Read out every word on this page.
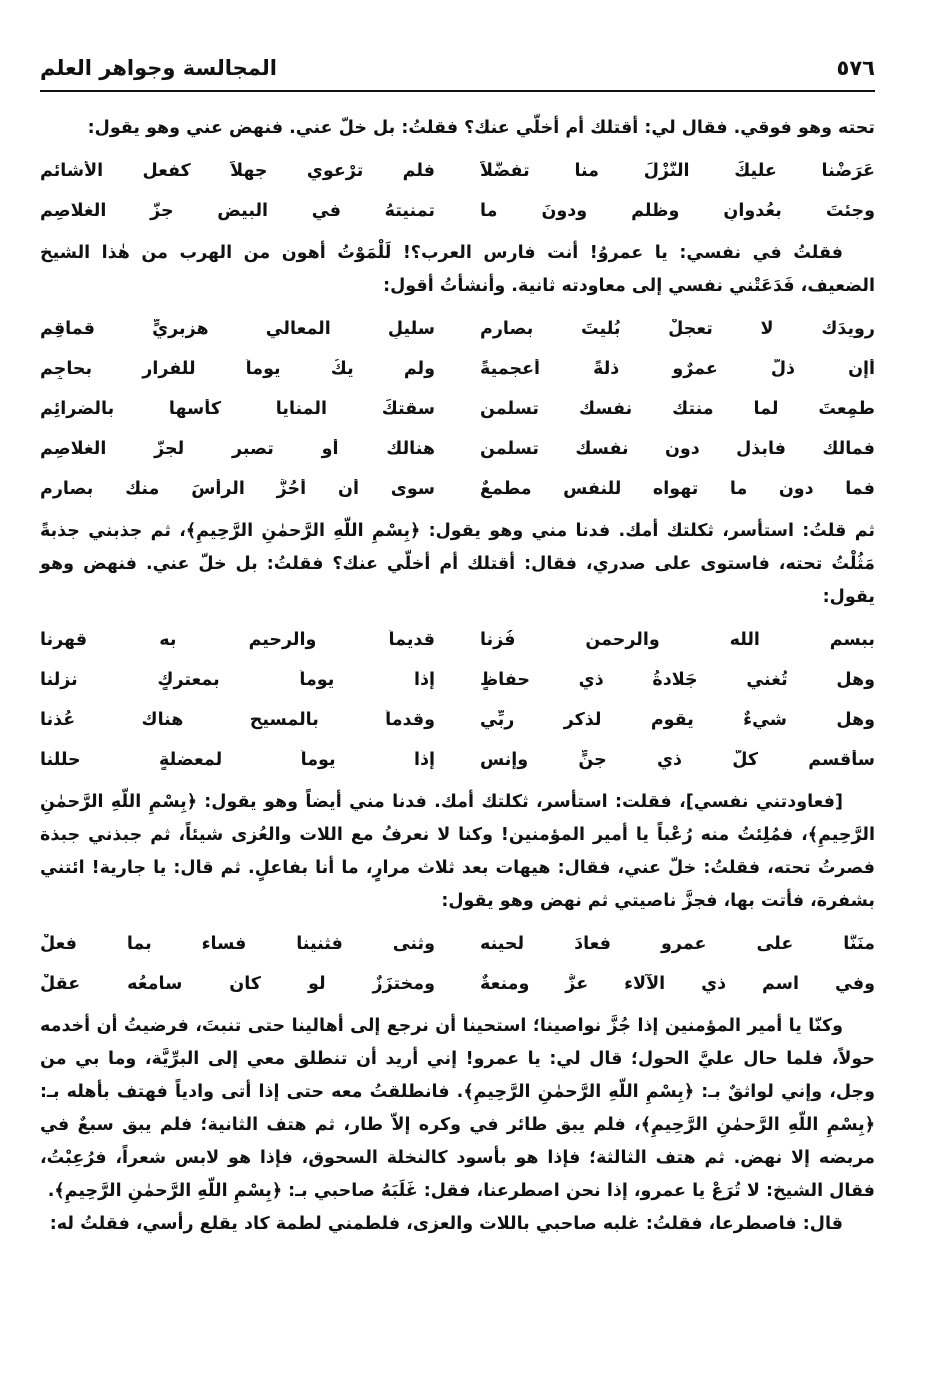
٥٧٦
المجالسة وجواهر العلم

تحته وهو فوقي. فقال لي: أقتلك أم أخلّي عنك؟ فقلتُ: بل خلّ عني. فنهض عني وهو يقول:

عَرَضْنا عليكَ النُّزْلَ منا تفضُّلاً
فلم ترْعوي جهلاً كفعل الأشائم
وجئتَ بعُدوانٍ وظلمٍ ودونَ ما
تمنيتهُ في البيض جزّ الغلاصِمِ

فقلتُ في نفسي: يا عمروُ! أنت فارس العرب؟! لَلْمَوْتُ أهون من الهرب من هٰذا الشيخ الضعيف، فَدَعَتْني نفسي إلى معاودته ثانية. وأنشأتُ أقول:

رويدَك لا تعجلْ بُليتَ بصارمٍ
سليلِ المعالي هزبريٍّ قماقِمِ
أإن ذلَّ عمرٌو ذلةً أعجميةً
ولم يكُ يوماً للفرار بحاجِمِ
طمِعتَ لما منتك نفسك تسلمن
سقتكَ المنايا كأسها بالضرائِمِ
فمالك فابذل دون نفسك تسلمن
هنالك أو تصبر لجزّ الغلاصِمِ
فما دون ما تهواه للنفس مطمعٌ
سوى أن أحُزَّ الرأسَ منك بصارمِ

ثم قلتُ: استأسر، ثكلتك أمك. فدنا مني وهو يقول: ﴿بِسْمِ اللّهِ الرَّحمٰنِ الرَّحِيمِ﴾، ثم جذبني جذبةً مَثُلْتُ تحته، فاستوى على صدري، فقال: أقتلك أم أخلّي عنك؟ فقلتُ: بل خلّ عني. فنهض وهو يقول:

ببسم الله والرحمنِ فُزنا
قديماً والرحيم به قهرنا
وهل تُغني جَلادةُ ذي حفاظٍ
إذا يوماً بمعتركٍ نزلنا
وهل شيءٌ يقوم لذكرِ ربِّي
وقدماً بالمسيح هناك عُذنا
سأقسم كلَّ ذي جنٍّ وإنسٍ
إذا يوماً لمعضلةٍ حللنا

[فعاودتني نفسي]، فقلت: استأسر، ثكلتك أمك. فدنا مني أيضاً وهو يقول: ﴿بِسْمِ اللّهِ الرَّحمٰنِ الرَّحِيمِ﴾، فمُلِئتُ منه رُعْباً يا أمير المؤمنين! وكنا لا نعرفُ مع اللات والعُزى شيئاً، ثم جبذني جبذة فصرتُ تحته، فقلتُ: خلّ عني، فقال: هيهات بعد ثلاث مرارٍ، ما أنا بفاعلٍ. ثم قال: يا جارية! ائتني بشفرة، فأتت بها، فجزَّ ناصيتي ثم نهض وهو يقول:

منَنَّا على عمرو فعادَ لحينه
وثنى فثنينا فساء بما فعلْ
وفي اسم ذي الآلاء عزٌّ ومنعةٌ
ومختزَزٌ لو كان سامعُه عقلْ

وكنّا يا أمير المؤمنين إذا جُزَّ نواصينا؛ استحينا أن نرجع إلى أهالينا حتى تنبتَ، فرضيتُ أن أخدمه حولاً، فلما حال عليَّ الحول؛ قال لي: يا عمرو! إني أريد أن تنطلق معي إلى البرِّيَّة، وما بي من وجل، وإني لواثقٌ بـ: ﴿بِسْمِ اللّهِ الرَّحمٰنِ الرَّحِيمِ﴾. فانطلقتُ معه حتى إذا أتى وادياً فهتف بأهله بـ: ﴿بِسْمِ اللّهِ الرَّحمٰنِ الرَّحِيمِ﴾، فلم يبق طائر في وكره إلاّ طار، ثم هتف الثانية؛ فلم يبق سبعٌ في مربضه إلا نهض. ثم هتف الثالثة؛ فإذا هو بأسود كالنخلة السحوق، فإذا هو لابس شعراً، فرُعِبْتُ، فقال الشيخ: لا تُرَعْ يا عمرو، إذا نحن اصطرعنا، فقل: غَلَبَهُ صاحبي بـ: ﴿بِسْمِ اللّهِ الرَّحمٰنِ الرَّحِيمِ﴾.

قال: فاصطرعا، فقلتُ: غلبه صاحبي باللات والعزى، فلطمني لطمة كاد يقلع رأسي، فقلتُ له:
